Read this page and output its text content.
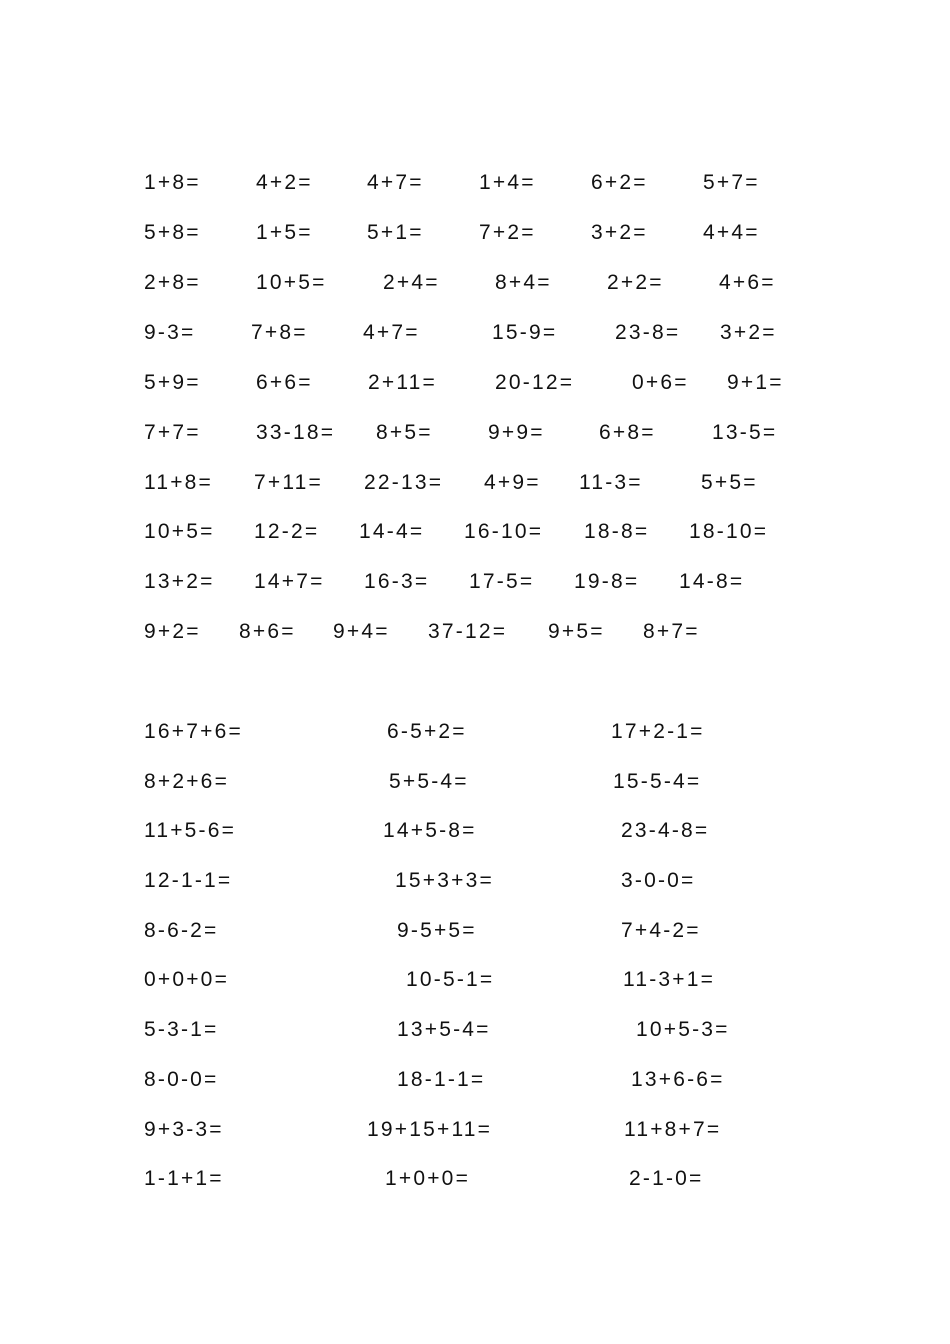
1+8=	4+2=	4+7=	1+4=	6+2=	5+7=
5+8=	1+5=	5+1=	7+2=	3+2=	4+4=
2+8=	10+5=	2+4=	8+4=	2+2=	4+6=
9-3=	7+8=	4+7=	15-9=	23-8= 3+2=
5+9=	6+6=	2+11=	20-12=	0+6= 9+1=
7+7=	33-18= 8+5=	9+9=	6+8=	13-5=
11+8= 7+11= 22-13= 4+9= 11-3=	5+5=
10+5= 12-2= 14-4= 16-10= 18-8= 18-10=
13+2= 14+7= 16-3= 17-5= 19-8= 14-8=
9+2= 8+6= 9+4= 37-12= 9+5= 8+7=
16+7+6=	6-5+2=	17+2-1=
8+2+6=	5+5-4=	15-5-4=
11+5-6=	14+5-8=	23-4-8=
12-1-1=	15+3+3=	3-0-0=
8-6-2=	9-5+5=	7+4-2=
0+0+0=	10-5-1=	11-3+1=
5-3-1=	13+5-4=	10+5-3=
8-0-0=	18-1-1=	13+6-6=
9+3-3=	19+15+11=	11+8+7=
1-1+1=	1+0+0=	2-1-0=
